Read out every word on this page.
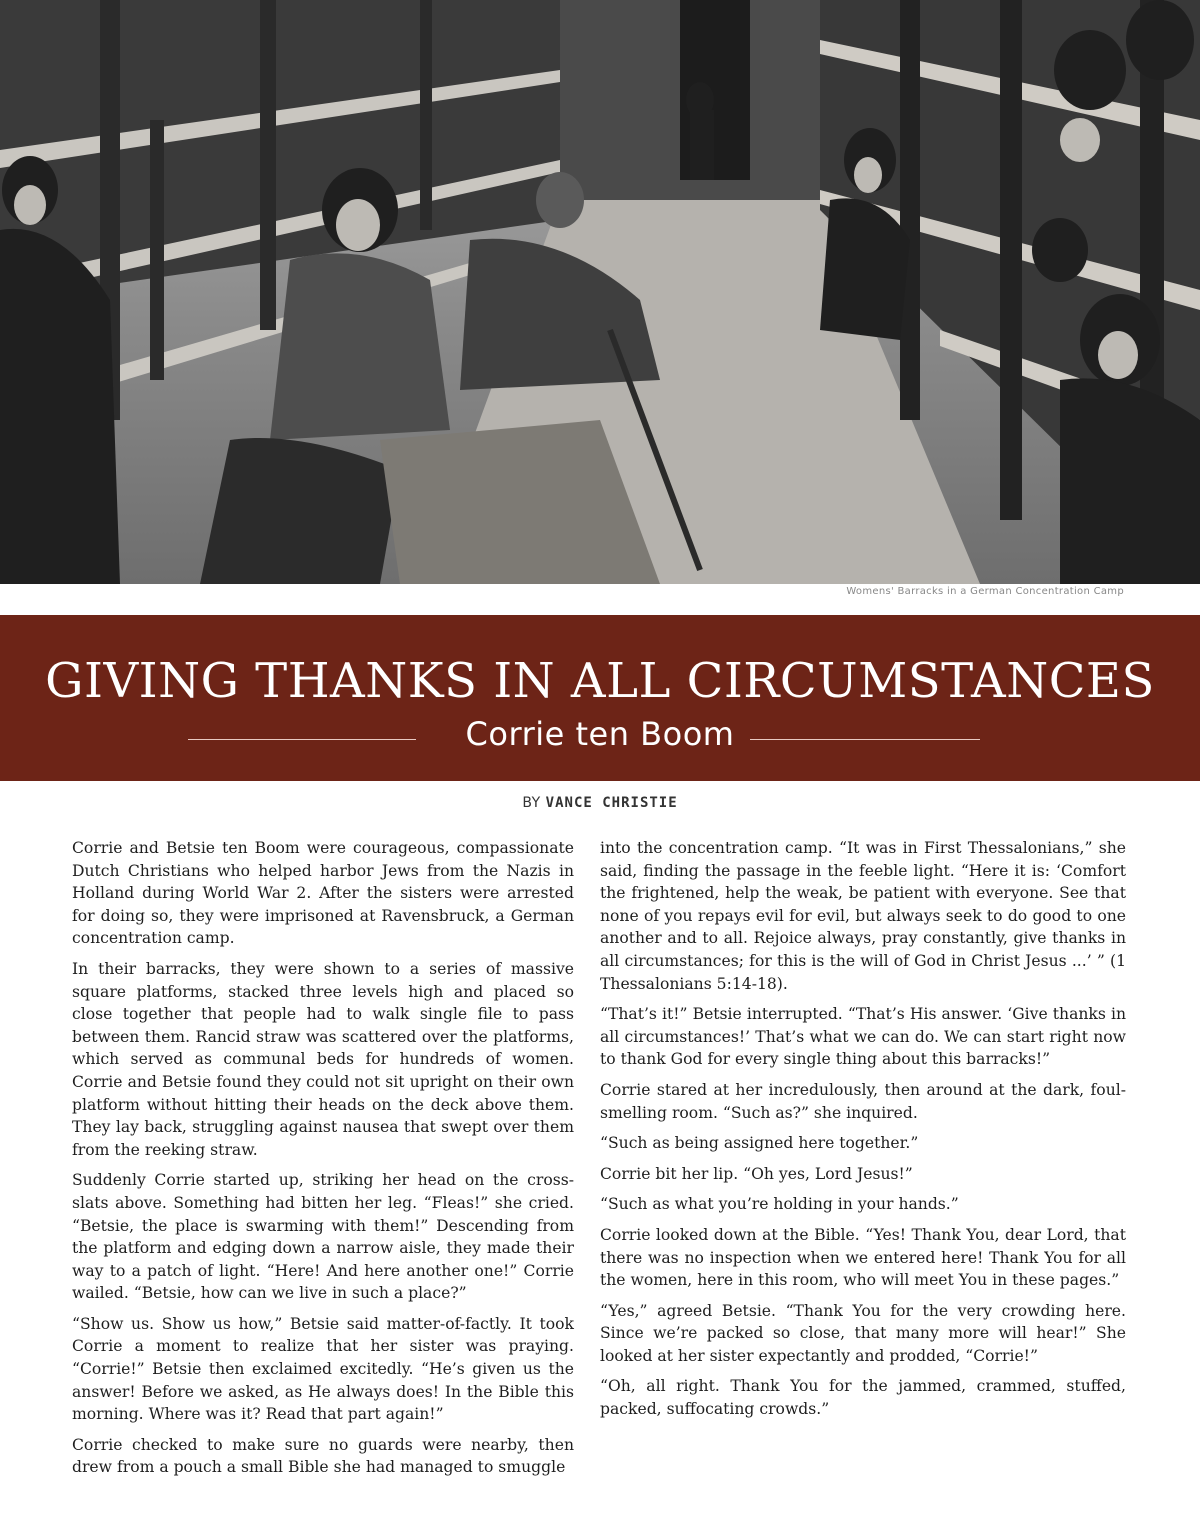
Womens' Barracks in a German Concentration Camp
GIVING THANKS IN ALL CIRCUMSTANCES
Corrie ten Boom
BY VANCE CHRISTIE

Corrie and Betsie ten Boom were courageous, compassionate Dutch Christians who helped harbor Jews from the Nazis in Holland during World War 2. After the sisters were arrested for doing so, they were imprisoned at Ravensbruck, a German concentration camp.

In their barracks, they were shown to a series of massive square platforms, stacked three levels high and placed so close together that people had to walk single file to pass between them. Rancid straw was scattered over the platforms, which served as communal beds for hundreds of women. Corrie and Betsie found they could not sit upright on their own platform without hitting their heads on the deck above them. They lay back, struggling against nausea that swept over them from the reeking straw.

Suddenly Corrie started up, striking her head on the cross-slats above. Something had bitten her leg. “Fleas!” she cried. “Betsie, the place is swarming with them!” Descending from the platform and edging down a narrow aisle, they made their way to a patch of light. “Here! And here another one!” Corrie wailed. “Betsie, how can we live in such a place?”

“Show us. Show us how,” Betsie said matter-of-factly. It took Corrie a moment to realize that her sister was praying. “Corrie!” Betsie then exclaimed excitedly. “He’s given us the answer! Before we asked, as He always does! In the Bible this morning. Where was it? Read that part again!”

Corrie checked to make sure no guards were nearby, then drew from a pouch a small Bible she had managed to smuggle

into the concentration camp. “It was in First Thessalonians,” she said, finding the passage in the feeble light. “Here it is: ‘Comfort the frightened, help the weak, be patient with everyone. See that none of you repays evil for evil, but always seek to do good to one another and to all. Rejoice always, pray constantly, give thanks in all circumstances; for this is the will of God in Christ Jesus ...’ ” (1 Thessalonians 5:14-18).

“That’s it!” Betsie interrupted. “That’s His answer. ‘Give thanks in all circumstances!’ That’s what we can do. We can start right now to thank God for every single thing about this barracks!”

Corrie stared at her incredulously, then around at the dark, foul-smelling room. “Such as?” she inquired.

“Such as being assigned here together.”

Corrie bit her lip. “Oh yes, Lord Jesus!”

“Such as what you’re holding in your hands.”

Corrie looked down at the Bible. “Yes! Thank You, dear Lord, that there was no inspection when we entered here! Thank You for all the women, here in this room, who will meet You in these pages.”

“Yes,” agreed Betsie. “Thank You for the very crowding here. Since we’re packed so close, that many more will hear!” She looked at her sister expectantly and prodded, “Corrie!”

“Oh, all right. Thank You for the jammed, crammed, stuffed, packed, suffocating crowds.”
